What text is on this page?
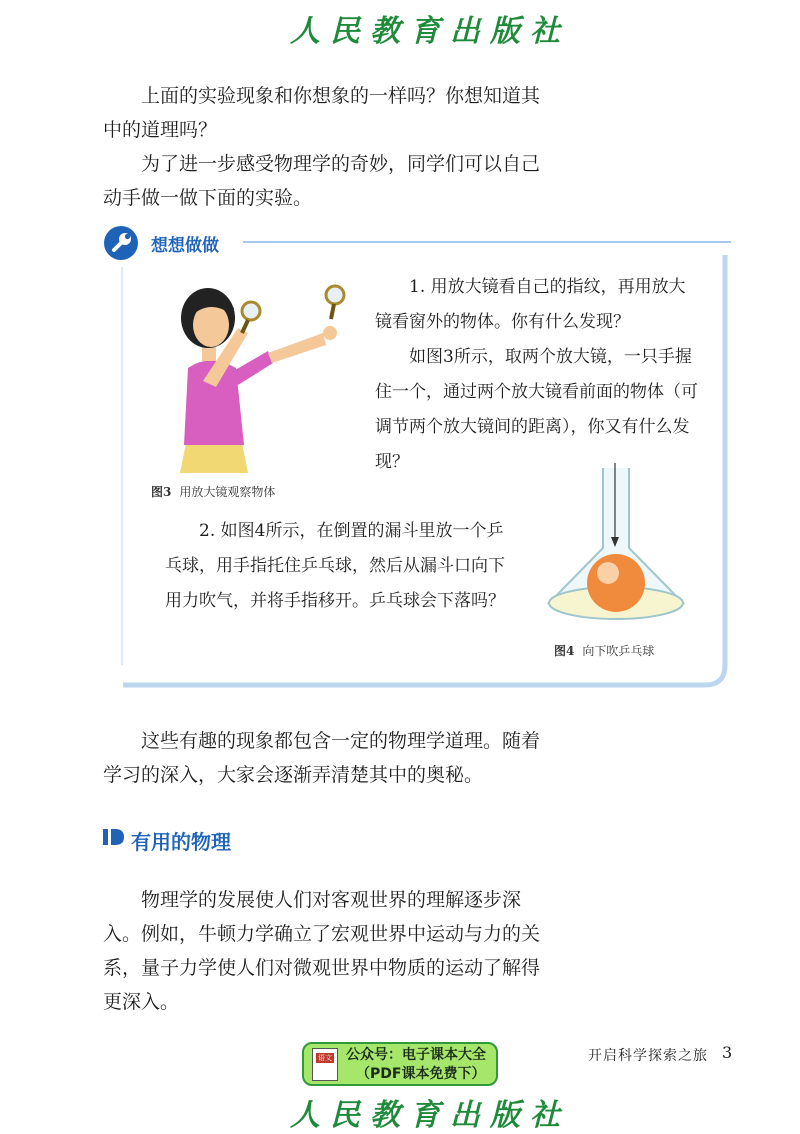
人民教育出版社

上面的实验现象和你想象的一样吗？你想知道其中的道理吗？

为了进一步感受物理学的奇妙，同学们可以自己动手做一做下面的实验。

想想做做
图3 用放大镜观察物体

1. 用放大镜看自己的指纹，再用放大镜看窗外的物体。你有什么发现？

如图3所示，取两个放大镜，一只手握住一个，通过两个放大镜看前面的物体（可调节两个放大镜间的距离），你又有什么发现？

2. 如图4所示，在倒置的漏斗里放一个乒乓球，用手指托住乒乓球，然后从漏斗口向下用力吹气，并将手指移开。乒乓球会下落吗？

图4 向下吹乒乓球

这些有趣的现象都包含一定的物理学道理。随着学习的深入，大家会逐渐弄清楚其中的奥秘。

有用的物理

物理学的发展使人们对客观世界的理解逐步深入。例如，牛顿力学确立了宏观世界中运动与力的关系，量子力学使人们对微观世界中物质的运动了解得更深入。

语文 公众号：电子课本大全
（PDF课本免费下）
开启科学探索之旅 3
人民教育出版社
